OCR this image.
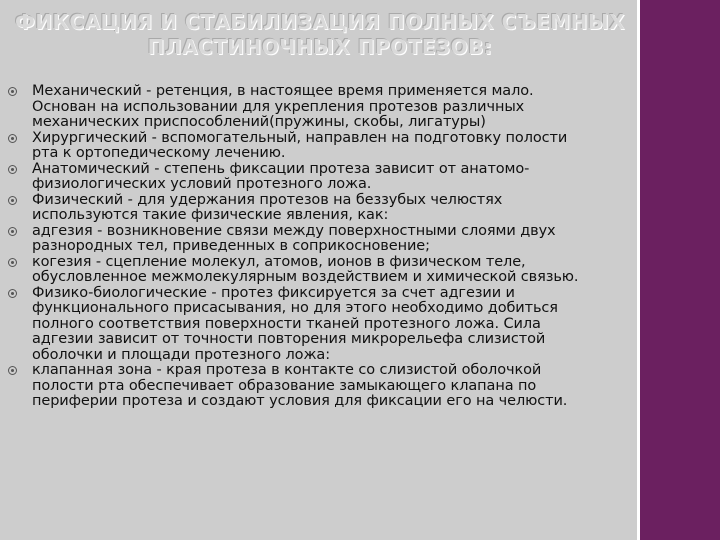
ФИКСАЦИЯ И СТАБИЛИЗАЦИЯ ПОЛНЫХ СЪЕМНЫХ
ПЛАСТИНОЧНЫХ ПРОТЕЗОВ:
Механический - ретенция, в настоящее время применяется мало.
Основан на использовании для укрепления протезов различных
механических приспособлений(пружины, скобы, лигатуры)
Хирургический - вспомогательный, направлен на подготовку полости
рта к ортопедическому лечению.
Анатомический - степень фиксации протеза зависит от анатомо-
физиологических условий протезного ложа.
Физический - для удержания протезов на беззубых челюстях
используются такие физические явления, как:
адгезия - возникновение связи между поверхностными слоями двух
разнородных тел, приведенных в соприкосновение;
когезия - сцепление молекул, атомов, ионов в физическом теле,
обусловленное межмолекулярным воздействием и химической связью.
Физико-биологические - протез фиксируется за счет адгезии и
функционального присасывания, но для этого необходимо добиться
полного соответствия поверхности тканей протезного ложа. Сила
адгезии зависит от точности повторения микрорельефа слизистой
оболочки и площади протезного ложа:
клапанная зона - края протеза в контакте со слизистой оболочкой
полости рта обеспечивает образование замыкающего клапана по
периферии протеза и создают условия для фиксации его на челюсти.
